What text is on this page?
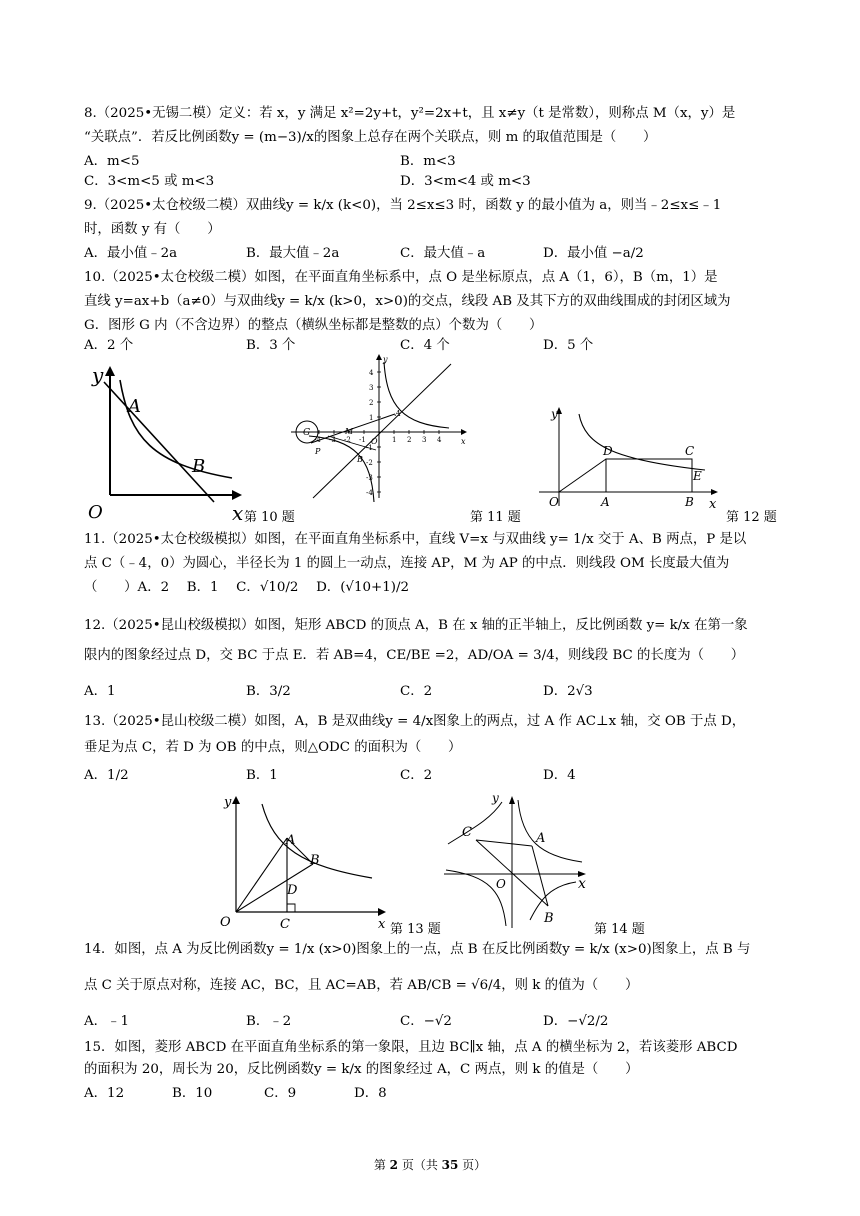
8.（2025•无锡二模）定义：若 x，y 满足 x²=2y+t，y²=2x+t，且 x≠y（t 是常数），则称点 M（x，y）是
“关联点”．若反比例函数y = (m−3)/x的图象上总存在两个关联点，则 m 的取值范围是（　　）
A．m<5	B．m<3
C．3<m<5 或 m<3	D．3<m<4 或 m<3
9.（2025•太仓校级二模）双曲线y = k/x (k<0)，当 2≤x≤3 时，函数 y 的最小值为 a，则当﹣2≤x≤﹣1
时，函数 y 有（　　）
A．最小值﹣2a	B．最大值﹣2a	C．最大值﹣a	D．最小值 −a/2
10.（2025•太仓校级二模）如图，在平面直角坐标系中，点 O 是坐标原点，点 A（1，6），B（m，1）是
直线 y=ax+b（a≠0）与双曲线y = k/x (k>0，x>0)的交点，线段 AB 及其下方的双曲线围成的封闭区域为
G．图形 G 内（不含边界）的整点（横纵坐标都是整数的点）个数为（　　）
A．2 个	B．3 个	C．4 个	D．5 个
y
x
O
A
B
第 10 题
4
3
2
1
-1
-2
-3
-4
-4 -3 -2 -1	1 2 3 4
y
x
O
A
B
G	M
P
第 11 题
y
x
O	A	B
C
D
E
第 12 题
11.（2025•太仓校级模拟）如图，在平面直角坐标系中，直线 V=x 与双曲线 y= 1/x 交于 A、B 两点，P 是以
点 C（﹣4，0）为圆心，半径长为 1 的圆上一动点，连接 AP，M 为 AP 的中点．则线段 OM 长度最大值为
（　　）A．2　 B．1　 C．√10/2　 D．(√10+1)/2
12.（2025•昆山校级模拟）如图，矩形 ABCD 的顶点 A，B 在 x 轴的正半轴上，反比例函数 y= k/x 在第一象
限内的图象经过点 D，交 BC 于点 E．若 AB=4，CE/BE =2，AD/OA = 3/4，则线段 BC 的长度为（　　）
A．1	B．3/2	C．2	D．2√3
13.（2025•昆山校级二模）如图，A，B 是双曲线y = 4/x图象上的两点，过 A 作 AC⊥x 轴，交 OB 于点 D，
垂足为点 C，若 D 为 OB 的中点，则△ODC 的面积为（　　）
A．1/2	B．1	C．2	D．4
y
x
O
A
B
C
D
第 13 题
y
x
O
A
B
C
第 14 题
14．如图，点 A 为反比例函数y = 1/x (x>0)图象上的一点，点 B 在反比例函数y = k/x (x>0)图象上，点 B 与
点 C 关于原点对称，连接 AC，BC，且 AC=AB，若 AB/CB = √6/4，则 k 的值为（　　）
A．﹣1	B．﹣2	C．−√2	D．−√2/2
15．如图，菱形 ABCD 在平面直角坐标系的第一象限，且边 BC∥x 轴，点 A 的横坐标为 2，若该菱形 ABCD
的面积为 20，周长为 20，反比例函数y = k/x 的图象经过 A，C 两点，则 k 的值是（　　）
A．12	B．10	C．9	D．8
第 2 页（共 35 页）
